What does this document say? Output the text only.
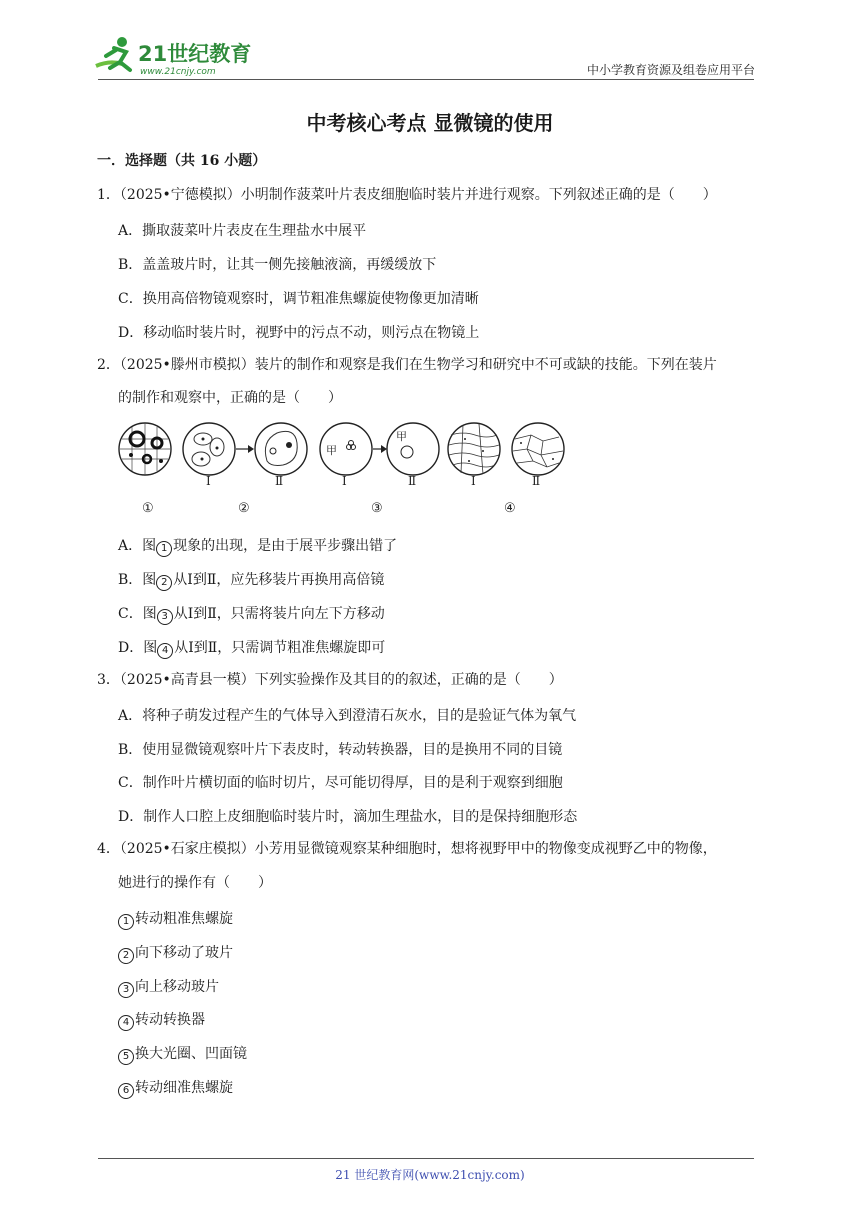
21世纪教育
www.21cnjy.com	中小学教育资源及组卷应用平台
中考核心考点 显微镜的使用
一．选择题（共 16 小题）
1．（2025•宁德模拟）小明制作菠菜叶片表皮细胞临时装片并进行观察。下列叙述正确的是（　　）
A．撕取菠菜叶片表皮在生理盐水中展平
B．盖盖玻片时，让其一侧先接触液滴，再缓缓放下
C．换用高倍物镜观察时，调节粗准焦螺旋使物像更加清晰
D．移动临时装片时，视野中的污点不动，则污点在物镜上
2．（2025•滕州市模拟）装片的制作和观察是我们在生物学习和研究中不可或缺的技能。下列在装片
的制作和观察中，正确的是（　　）
甲
甲
Ⅰ	Ⅱ	Ⅰ	Ⅱ	Ⅰ	Ⅱ
①	②	③	④
A．图 1 现象的出现，是由于展平步骤出错了
B．图 2 从Ⅰ到Ⅱ，应先移装片再换用高倍镜
C．图 3 从Ⅰ到Ⅱ，只需将装片向左下方移动
D．图 4 从Ⅰ到Ⅱ，只需调节粗准焦螺旋即可
3．（2025•高青县一模）下列实验操作及其目的的叙述，正确的是（　　）
A．将种子萌发过程产生的气体导入到澄清石灰水，目的是验证气体为氧气
B．使用显微镜观察叶片下表皮时，转动转换器，目的是换用不同的目镜
C．制作叶片横切面的临时切片，尽可能切得厚，目的是利于观察到细胞
D．制作人口腔上皮细胞临时装片时，滴加生理盐水，目的是保持细胞形态
4．（2025•石家庄模拟）小芳用显微镜观察某种细胞时，想将视野甲中的物像变成视野乙中的物像，
她进行的操作有（　　）
1 转动粗准焦螺旋
2 向下移动了玻片
3 向上移动玻片
4 转动转换器
5 换大光圈、凹面镜
6 转动细准焦螺旋
21 世纪教育网(www.21cnjy.com)
